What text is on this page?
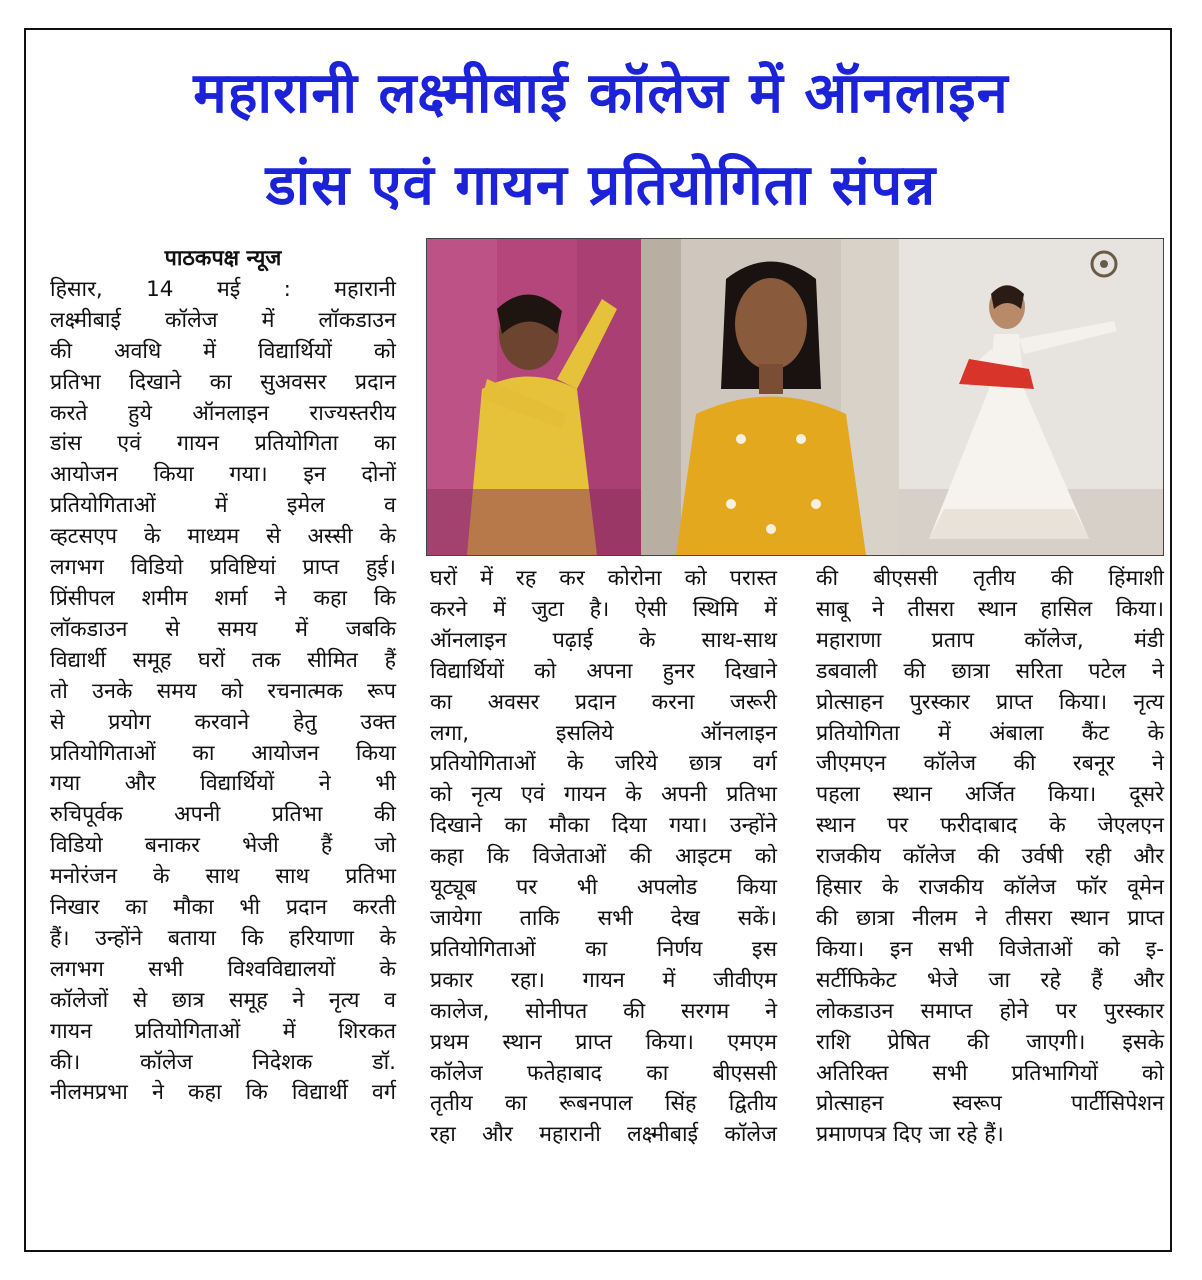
महारानी लक्ष्मीबाई कॉलेज में ऑनलाइन
डांस एवं गायन प्रतियोगिता संपन्न

पाठकपक्ष न्यूज

हिसार, 14 मई : महारानी

लक्ष्मीबाई कॉलेज में लॉकडाउन

की अवधि में विद्यार्थियों को

प्रतिभा दिखाने का सुअवसर प्रदान

करते हुये ऑनलाइन राज्यस्तरीय

डांस एवं गायन प्रतियोगिता का

आयोजन किया गया। इन दोनों

प्रतियोगिताओं में इमेल व

व्हटसएप के माध्यम से अस्सी के

लगभग विडियो प्रविष्टियां प्राप्त हुई।

प्रिंसीपल शमीम शर्मा ने कहा कि

लॉकडाउन से समय में जबकि

विद्यार्थी समूह घरों तक सीमित हैं

तो उनके समय को रचनात्मक रूप

से प्रयोग करवाने हेतु उक्त

प्रतियोगिताओं का आयोजन किया

गया और विद्यार्थियों ने भी

रुचिपूर्वक अपनी प्रतिभा की

विडियो बनाकर भेजी हैं जो

मनोरंजन के साथ साथ प्रतिभा

निखार का मौका भी प्रदान करती

हैं। उन्होंने बताया कि हरियाणा के

लगभग सभी विश्वविद्यालयों के

कॉलेजों से छात्र समूह ने नृत्य व

गायन प्रतियोगिताओं में शिरकत

की। कॉलेज निदेशक डॉ.

नीलमप्रभा ने कहा कि विद्यार्थी वर्ग

घरों में रह कर कोरोना को परास्त

करने में जुटा है। ऐसी स्थिमि में

ऑनलाइन पढ़ाई के साथ-साथ

विद्यार्थियों को अपना हुनर दिखाने

का अवसर प्रदान करना जरूरी

लगा, इसलिये ऑनलाइन

प्रतियोगिताओं के जरिये छात्र वर्ग

को नृत्य एवं गायन के अपनी प्रतिभा

दिखाने का मौका दिया गया। उन्होंने

कहा कि विजेताओं की आइटम को

यूट्यूब पर भी अपलोड किया

जायेगा ताकि सभी देख सकें।

प्रतियोगिताओं का निर्णय इस

प्रकार रहा। गायन में जीवीएम

कालेज, सोनीपत की सरगम ने

प्रथम स्थान प्राप्त किया। एमएम

कॉलेज फतेहाबाद का बीएससी

तृतीय का रूबनपाल सिंह द्वितीय

रहा और महारानी लक्ष्मीबाई कॉलेज

की बीएससी तृतीय की हिंमाशी

साबू ने तीसरा स्थान हासिल किया।

महाराणा प्रताप कॉलेज, मंडी

डबवाली की छात्रा सरिता पटेल ने

प्रोत्साहन पुरस्कार प्राप्त किया। नृत्य

प्रतियोगिता में अंबाला कैंट के

जीएमएन कॉलेज की रबनूर ने

पहला स्थान अर्जित किया। दूसरे

स्थान पर फरीदाबाद के जेएलएन

राजकीय कॉलेज की उर्वषी रही और

हिसार के राजकीय कॉलेज फॉर वूमेन

की छात्रा नीलम ने तीसरा स्थान प्राप्त

किया। इन सभी विजेताओं को इ-

सर्टीफिकेट भेजे जा रहे हैं और

लोकडाउन समाप्त होने पर पुरस्कार

राशि प्रेषित की जाएगी। इसके

अतिरिक्त सभी प्रतिभागियों को

प्रोत्साहन स्वरूप पार्टीसिपेशन

प्रमाणपत्र दिए जा रहे हैं।
